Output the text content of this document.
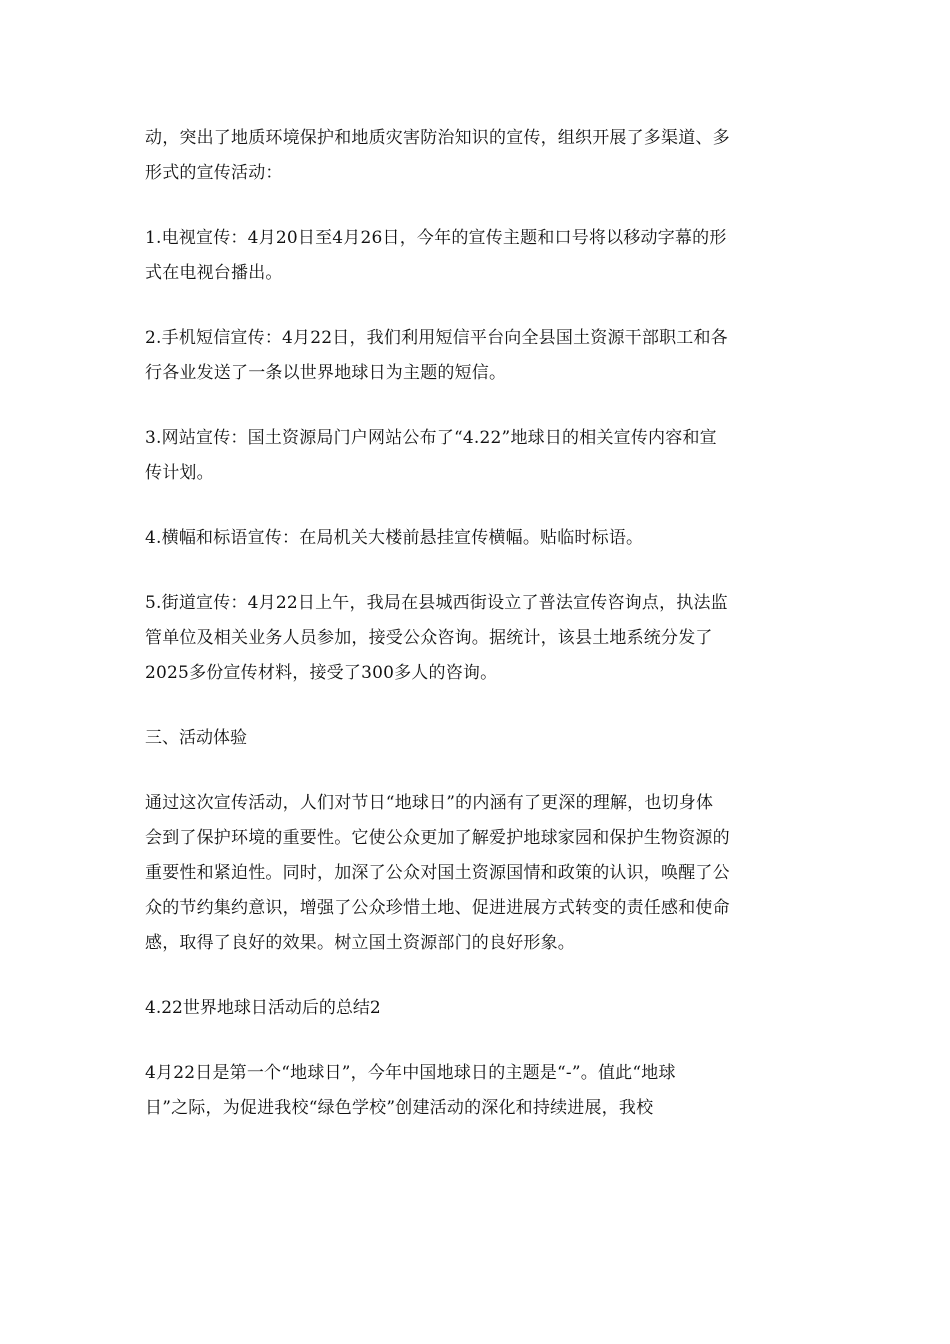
动，突出了地质环境保护和地质灾害防治知识的宣传，组织开展了多渠道、多
形式的宣传活动：

1.电视宣传：4月20日至4月26日，今年的宣传主题和口号将以移动字幕的形
式在电视台播出。

2.手机短信宣传：4月22日，我们利用短信平台向全县国土资源干部职工和各
行各业发送了一条以世界地球日为主题的短信。

3.网站宣传：国土资源局门户网站公布了“4.22”地球日的相关宣传内容和宣
传计划。

4.横幅和标语宣传：在局机关大楼前悬挂宣传横幅。贴临时标语。

5.街道宣传：4月22日上午，我局在县城西街设立了普法宣传咨询点，执法监
管单位及相关业务人员参加，接受公众咨询。据统计，该县土地系统分发了
2025多份宣传材料，接受了300多人的咨询。

三、活动体验

通过这次宣传活动，人们对节日“地球日”的内涵有了更深的理解，也切身体
会到了保护环境的重要性。它使公众更加了解爱护地球家园和保护生物资源的
重要性和紧迫性。同时，加深了公众对国土资源国情和政策的认识，唤醒了公
众的节约集约意识，增强了公众珍惜土地、促进进展方式转变的责任感和使命
感，取得了良好的效果。树立国土资源部门的良好形象。

4.22世界地球日活动后的总结2

4月22日是第一个“地球日”，今年中国地球日的主题是“-”。值此“地球
日”之际，为促进我校“绿色学校”创建活动的深化和持续进展，我校
